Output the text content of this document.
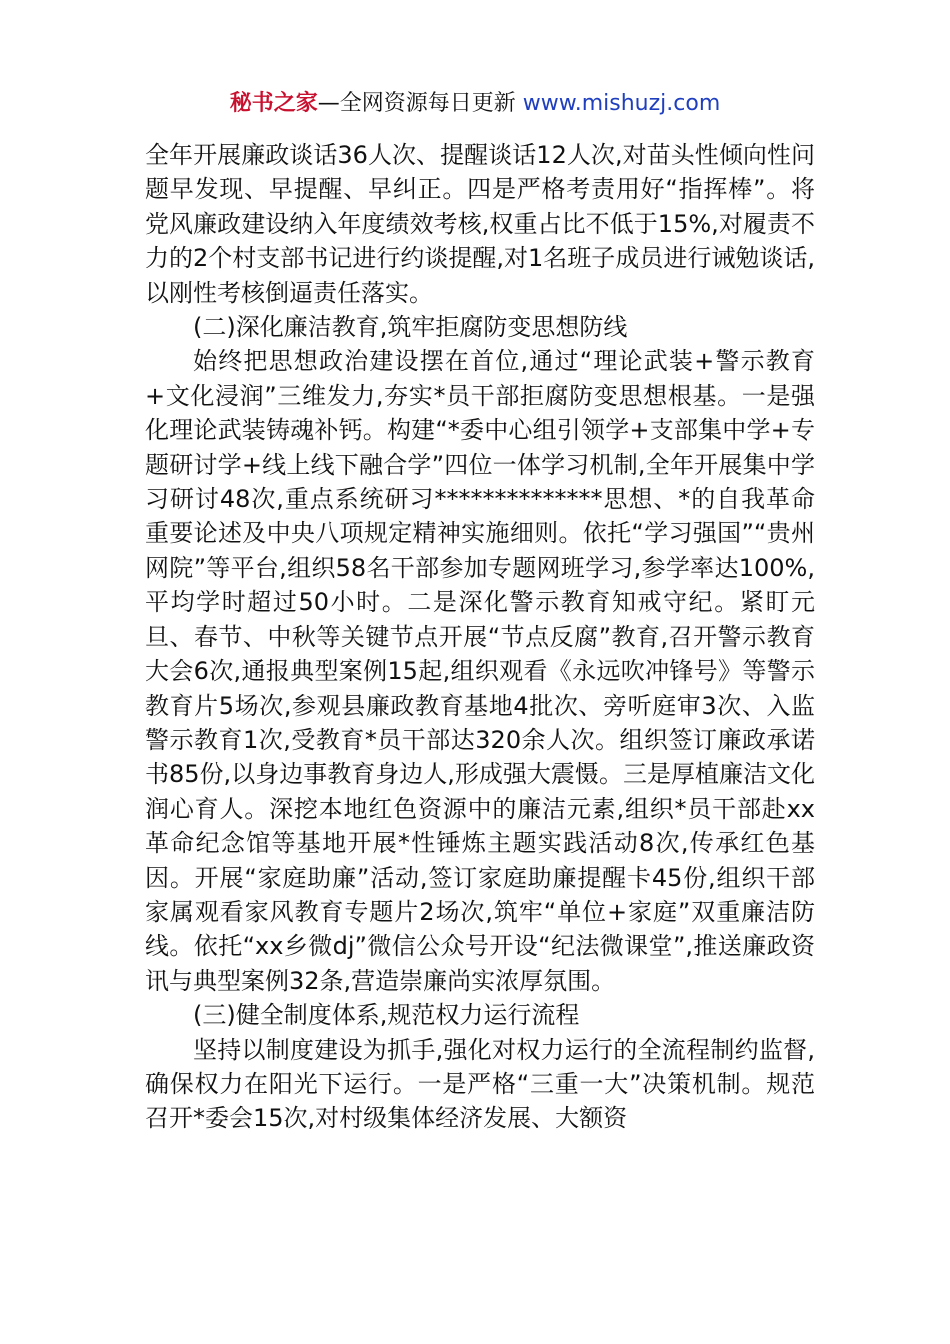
秘书之家—全网资源每日更新 www.mishuzj.com

全年开展廉政谈话36人次、提醒谈话12人次,对苗头性倾向性问题早发现、早提醒、早纠正。四是严格考责用好“指挥棒”。将党风廉政建设纳入年度绩效考核,权重占比不低于15%,对履责不力的2个村支部书记进行约谈提醒,对1名班子成员进行诫勉谈话,以刚性考核倒逼责任落实。

(二)深化廉洁教育,筑牢拒腐防变思想防线

始终把思想政治建设摆在首位,通过“理论武装+警示教育+文化浸润”三维发力,夯实*员干部拒腐防变思想根基。一是强化理论武装铸魂补钙。构建“*委中心组引领学+支部集中学+专题研讨学+线上线下融合学”四位一体学习机制,全年开展集中学习研讨48次,重点系统研习**************思想、*的自我革命重要论述及中央八项规定精神实施细则。依托“学习强国”“贵州网院”等平台,组织58名干部参加专题网班学习,参学率达100%,平均学时超过50小时。二是深化警示教育知戒守纪。紧盯元旦、春节、中秋等关键节点开展“节点反腐”教育,召开警示教育大会6次,通报典型案例15起,组织观看《永远吹冲锋号》等警示教育片5场次,参观县廉政教育基地4批次、旁听庭审3次、入监警示教育1次,受教育*员干部达320余人次。组织签订廉政承诺书85份,以身边事教育身边人,形成强大震慑。三是厚植廉洁文化润心育人。深挖本地红色资源中的廉洁元素,组织*员干部赴xx革命纪念馆等基地开展*性锤炼主题实践活动8次,传承红色基因。开展“家庭助廉”活动,签订家庭助廉提醒卡45份,组织干部家属观看家风教育专题片2场次,筑牢“单位+家庭”双重廉洁防线。依托“xx乡微dj”微信公众号开设“纪法微课堂”,推送廉政资讯与典型案例32条,营造崇廉尚实浓厚氛围。

(三)健全制度体系,规范权力运行流程

坚持以制度建设为抓手,强化对权力运行的全流程制约监督,确保权力在阳光下运行。一是严格“三重一大”决策机制。规范召开*委会15次,对村级集体经济发展、大额资
